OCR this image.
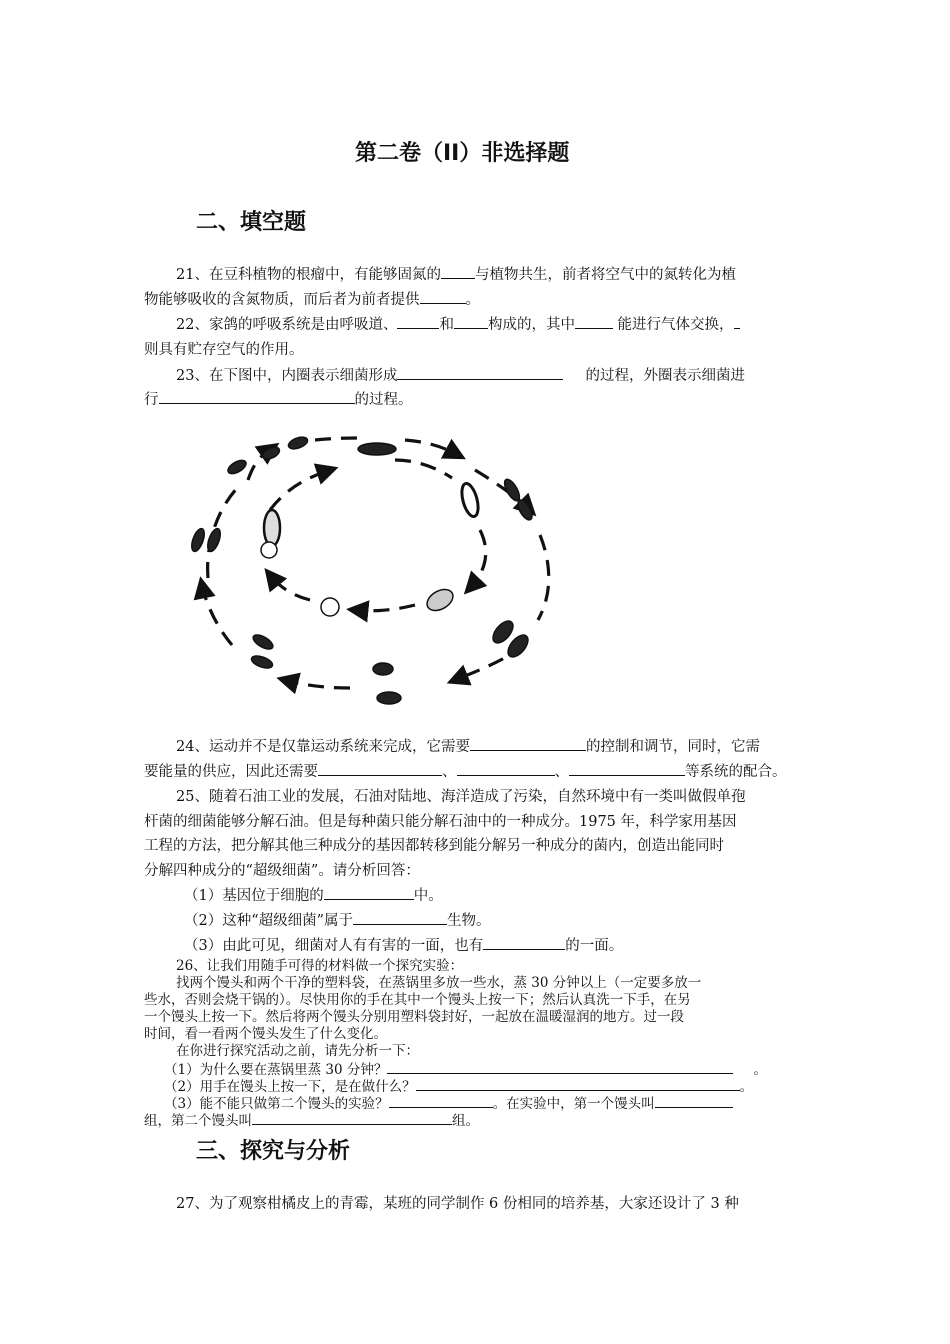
第二卷（II）非选择题
二、填空题
21、在豆科植物的根瘤中，有能够固氮的 与植物共生，前者将空气中的氮转化为植
物能够吸收的含氮物质，而后者为前者提供	。
22、家鸽的呼吸系统是由呼吸道、	和 构成的，其中	能进行气体交换，
则具有贮存空气的作用。
23、在下图中，内圈表示细菌形成	的过程，外圈表示细菌进
行	的过程。
24、运动并不是仅靠运动系统来完成，它需要	的控制和调节，同时，它需
要能量的供应，因此还需要	、	、	等系统的配合。
25、随着石油工业的发展，石油对陆地、海洋造成了污染，自然环境中有一类叫做假单孢
杆菌的细菌能够分解石油。但是每种菌只能分解石油中的一种成分。1975 年，科学家用基因
工程的方法，把分解其他三种成分的基因都转移到能分解另一种成分的菌内，创造出能同时
分解四种成分的“超级细菌”。请分析回答：
（1）基因位于细胞的	中。
（2）这种“超级细菌”属于	生物。
（3）由此可见，细菌对人有有害的一面，也有	的一面。
26、让我们用随手可得的材料做一个探究实验：
找两个馒头和两个干净的塑料袋，在蒸锅里多放一些水，蒸 30 分钟以上（一定要多放一
些水，否则会烧干锅的）。尽快用你的手在其中一个馒头上按一下；然后认真洗一下手，在另
一个馒头上按一下。然后将两个馒头分别用塑料袋封好，一起放在温暖湿润的地方。过一段
时间，看一看两个馒头发生了什么变化。
在你进行探究活动之前，请先分析一下：
（1）为什么要在蒸锅里蒸 30 分钟？	。
（2）用手在馒头上按一下，是在做什么？	。
（3）能不能只做第二个馒头的实验？	。在实验中，第一个馒头叫
组，第二个馒头叫	组。
三、探究与分析
27、为了观察柑橘皮上的青霉，某班的同学制作 6 份相同的培养基，大家还设计了 3 种
